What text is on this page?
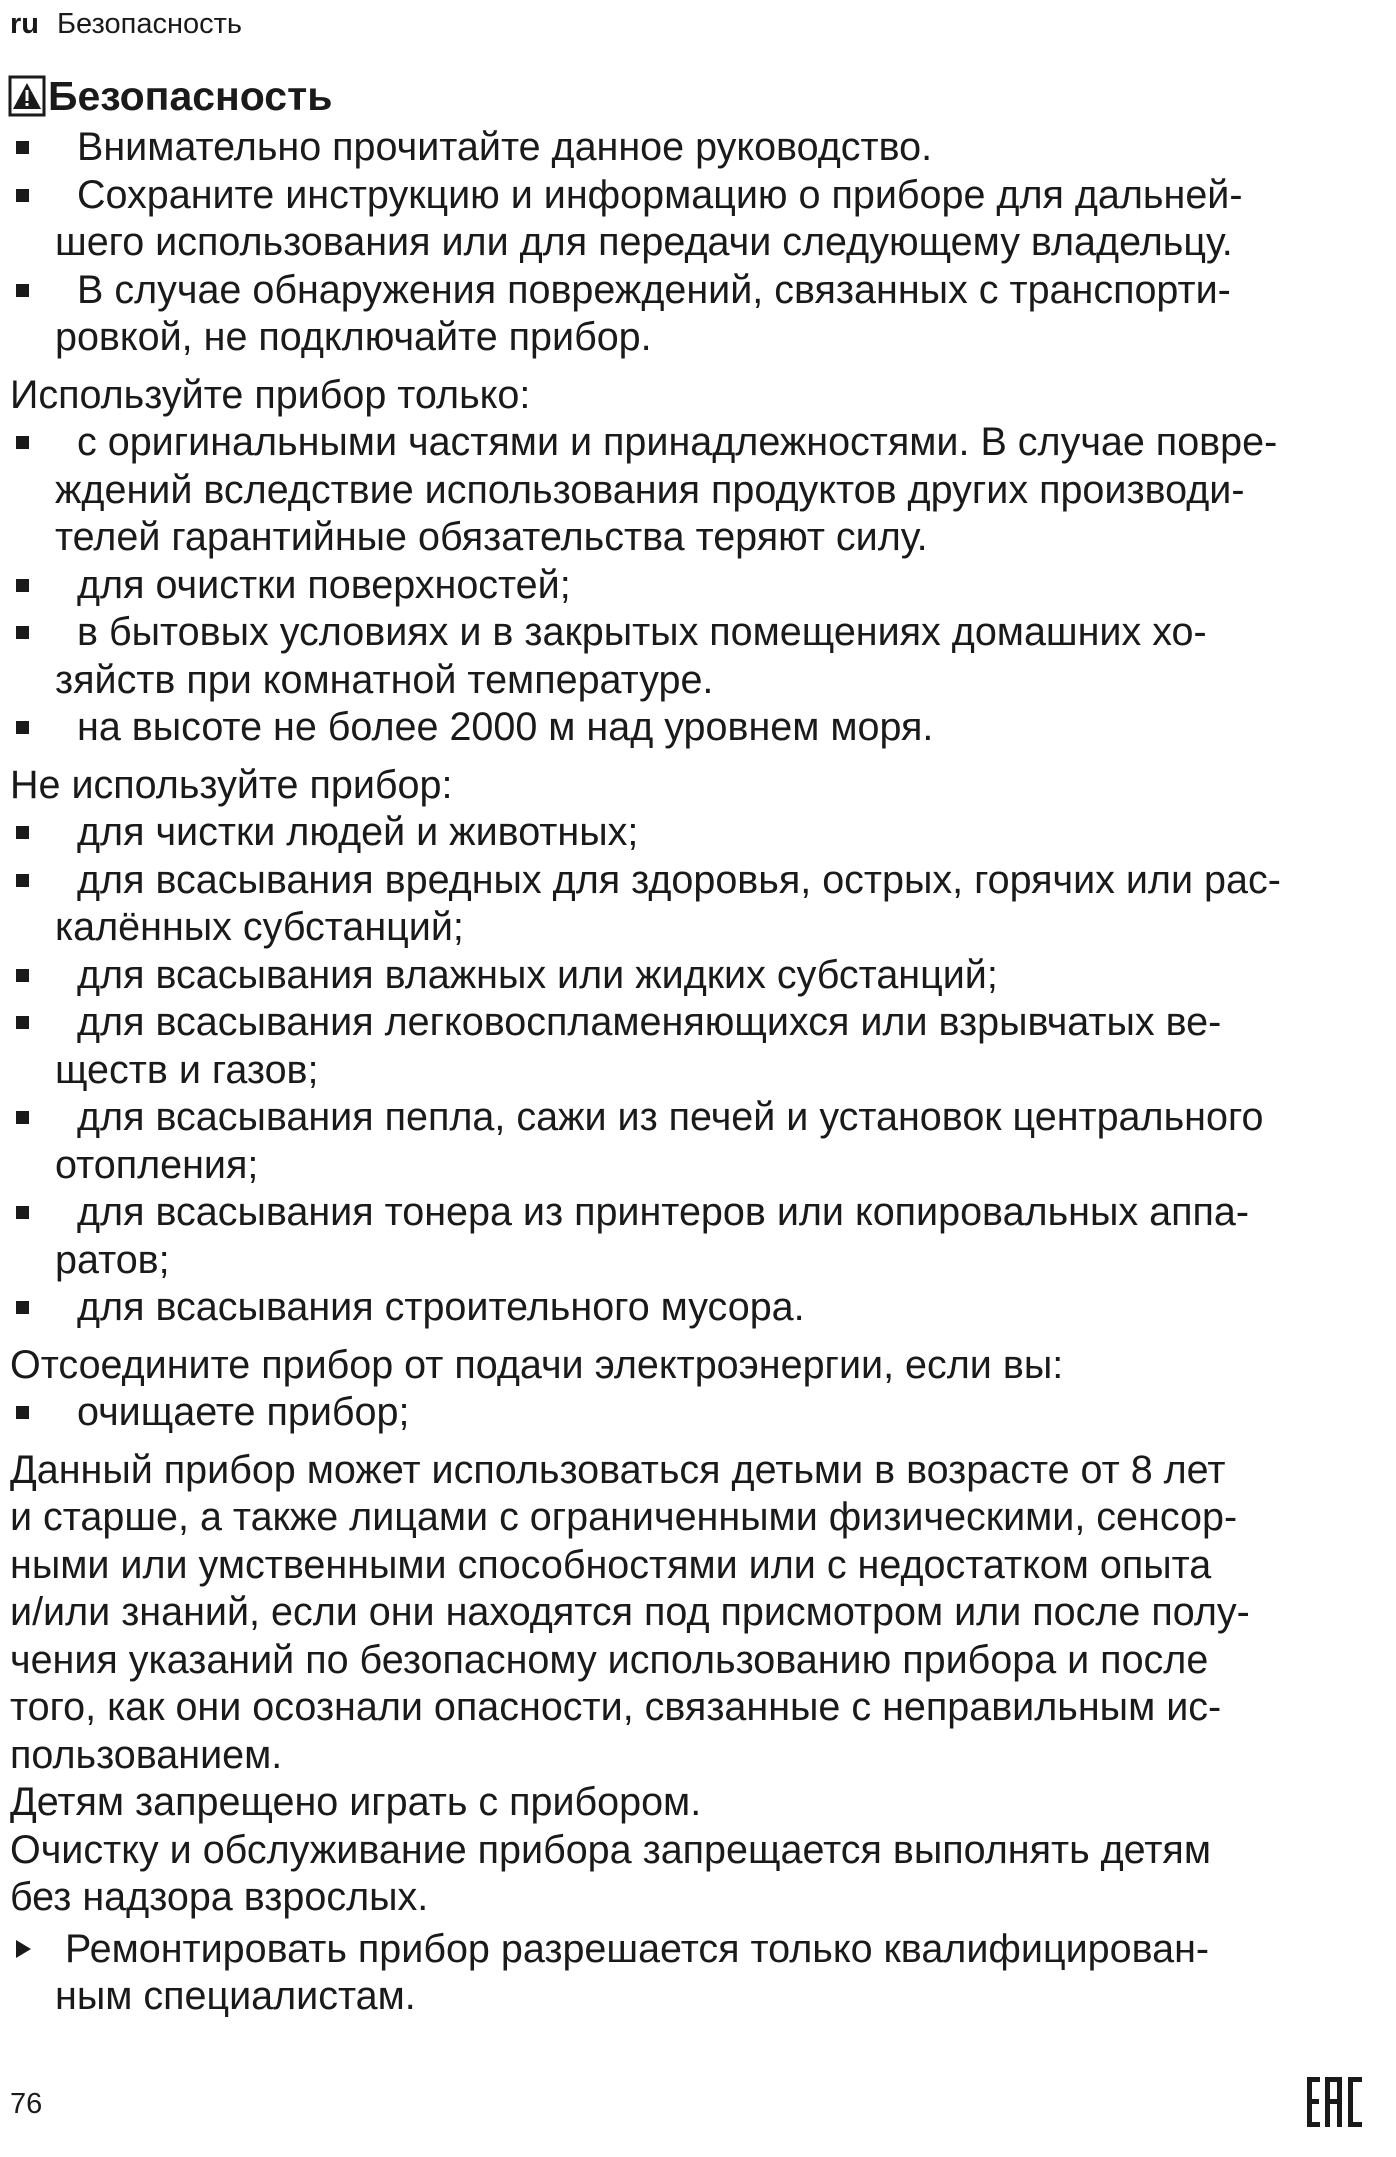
ru Безопасность
Безопасность
Внимательно прочитайте данное руководство.
Сохраните инструкцию и информацию о приборе для дальней-
шего использования или для передачи следующему владельцу.
В случае обнаружения повреждений, связанных с транспорти-
ровкой, не подключайте прибор.
Используйте прибор только:
с оригинальными частями и принадлежностями. В случае повре-
ждений вследствие использования продуктов других производи-
телей гарантийные обязательства теряют силу.
для очистки поверхностей;
в бытовых условиях и в закрытых помещениях домашних хо-
зяйств при комнатной температуре.
на высоте не более 2000 м над уровнем моря.
Не используйте прибор:
для чистки людей и животных;
для всасывания вредных для здоровья, острых, горячих или рас-
калённых субстанций;
для всасывания влажных или жидких субстанций;
для всасывания легковоспламеняющихся или взрывчатых ве-
ществ и газов;
для всасывания пепла, сажи из печей и установок центрального
отопления;
для всасывания тонера из принтеров или копировальных аппа-
ратов;
для всасывания строительного мусора.
Отсоедините прибор от подачи электроэнергии, если вы:
очищаете прибор;
Данный прибор может использоваться детьми в возрасте от 8 лет
и старше, а также лицами с ограниченными физическими, сенсор-
ными или умственными способностями или с недостатком опыта
и/или знаний, если они находятся под присмотром или после полу-
чения указаний по безопасному использованию прибора и после
того, как они осознали опасности, связанные с неправильным ис-
пользованием.
Детям запрещено играть с прибором.
Очистку и обслуживание прибора запрещается выполнять детям
без надзора взрослых.
Ремонтировать прибор разрешается только квалифицирован-
ным специалистам.
76
